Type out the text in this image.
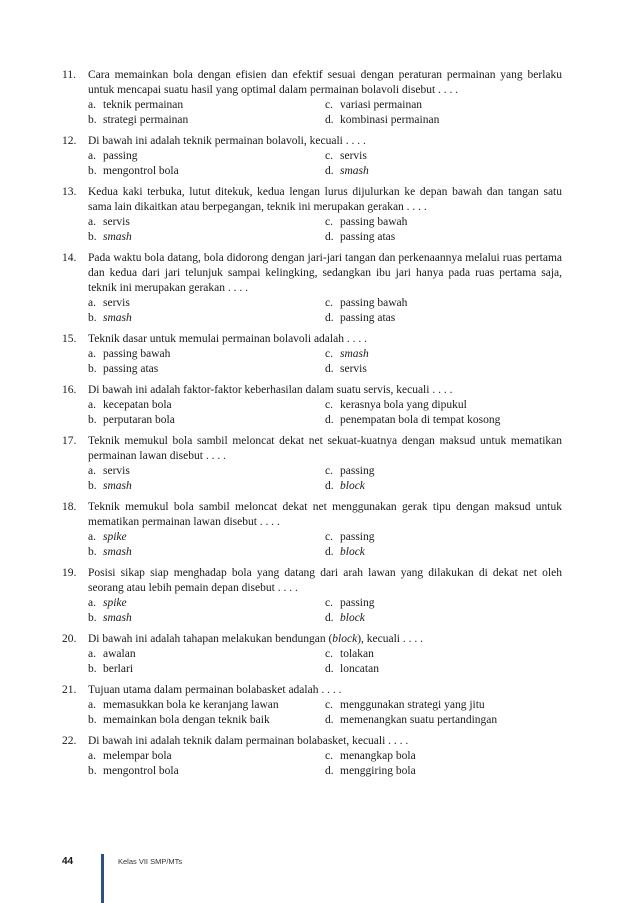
11.	Cara memainkan bola dengan efisien dan efektif sesuai dengan peraturan permainan yang berlaku untuk mencapai suatu hasil yang optimal dalam permainan bolavoli disebut . . . .
a. teknik permainan	c. variasi permainan
b. strategi permainan	d. kombinasi permainan
12.	Di bawah ini adalah teknik permainan bolavoli, kecuali . . . .
a. passing	c. servis
b. mengontrol bola	d. smash
13.	Kedua kaki terbuka, lutut ditekuk, kedua lengan lurus dijulurkan ke depan bawah dan tangan satu sama lain dikaitkan atau berpegangan, teknik ini merupakan gerakan . . . .
a. servis	c. passing bawah
b. smash	d. passing atas
14.	Pada waktu bola datang, bola didorong dengan jari-jari tangan dan perkenaannya melalui ruas pertama dan kedua dari jari telunjuk sampai kelingking, sedangkan ibu jari hanya pada ruas pertama saja, teknik ini merupakan gerakan . . . .
a. servis	c. passing bawah
b. smash	d. passing atas
15.	Teknik dasar untuk memulai permainan bolavoli adalah . . . .
a. passing bawah	c. smash
b. passing atas	d. servis
16.	Di bawah ini adalah faktor-faktor keberhasilan dalam suatu servis, kecuali . . . .
a. kecepatan bola	c. kerasnya bola yang dipukul
b. perputaran bola	d. penempatan bola di tempat kosong
17.	Teknik memukul bola sambil meloncat dekat net sekuat-kuatnya dengan maksud untuk mematikan permainan lawan disebut . . . .
a. servis	c. passing
b. smash	d. block
18.	Teknik memukul bola sambil meloncat dekat net menggunakan gerak tipu dengan maksud untuk mematikan permainan lawan disebut . . . .
a. spike	c. passing
b. smash	d. block
19.	Posisi sikap siap menghadap bola yang datang dari arah lawan yang dilakukan di dekat net oleh seorang atau lebih pemain depan disebut . . . .
a. spike	c. passing
b. smash	d. block
20.	Di bawah ini adalah tahapan melakukan bendungan (block), kecuali . . . .
a. awalan	c. tolakan
b. berlari	d. loncatan
21.	Tujuan utama dalam permainan bolabasket adalah . . . .
a. memasukkan bola ke keranjang lawan	c. menggunakan strategi yang jitu
b. memainkan bola dengan teknik baik	d. memenangkan suatu pertandingan
22.	Di bawah ini adalah teknik dalam permainan bolabasket, kecuali . . . .
a. melempar bola	c. menangkap bola
b. mengontrol bola	d. menggiring bola
44	Kelas VII SMP/MTs
